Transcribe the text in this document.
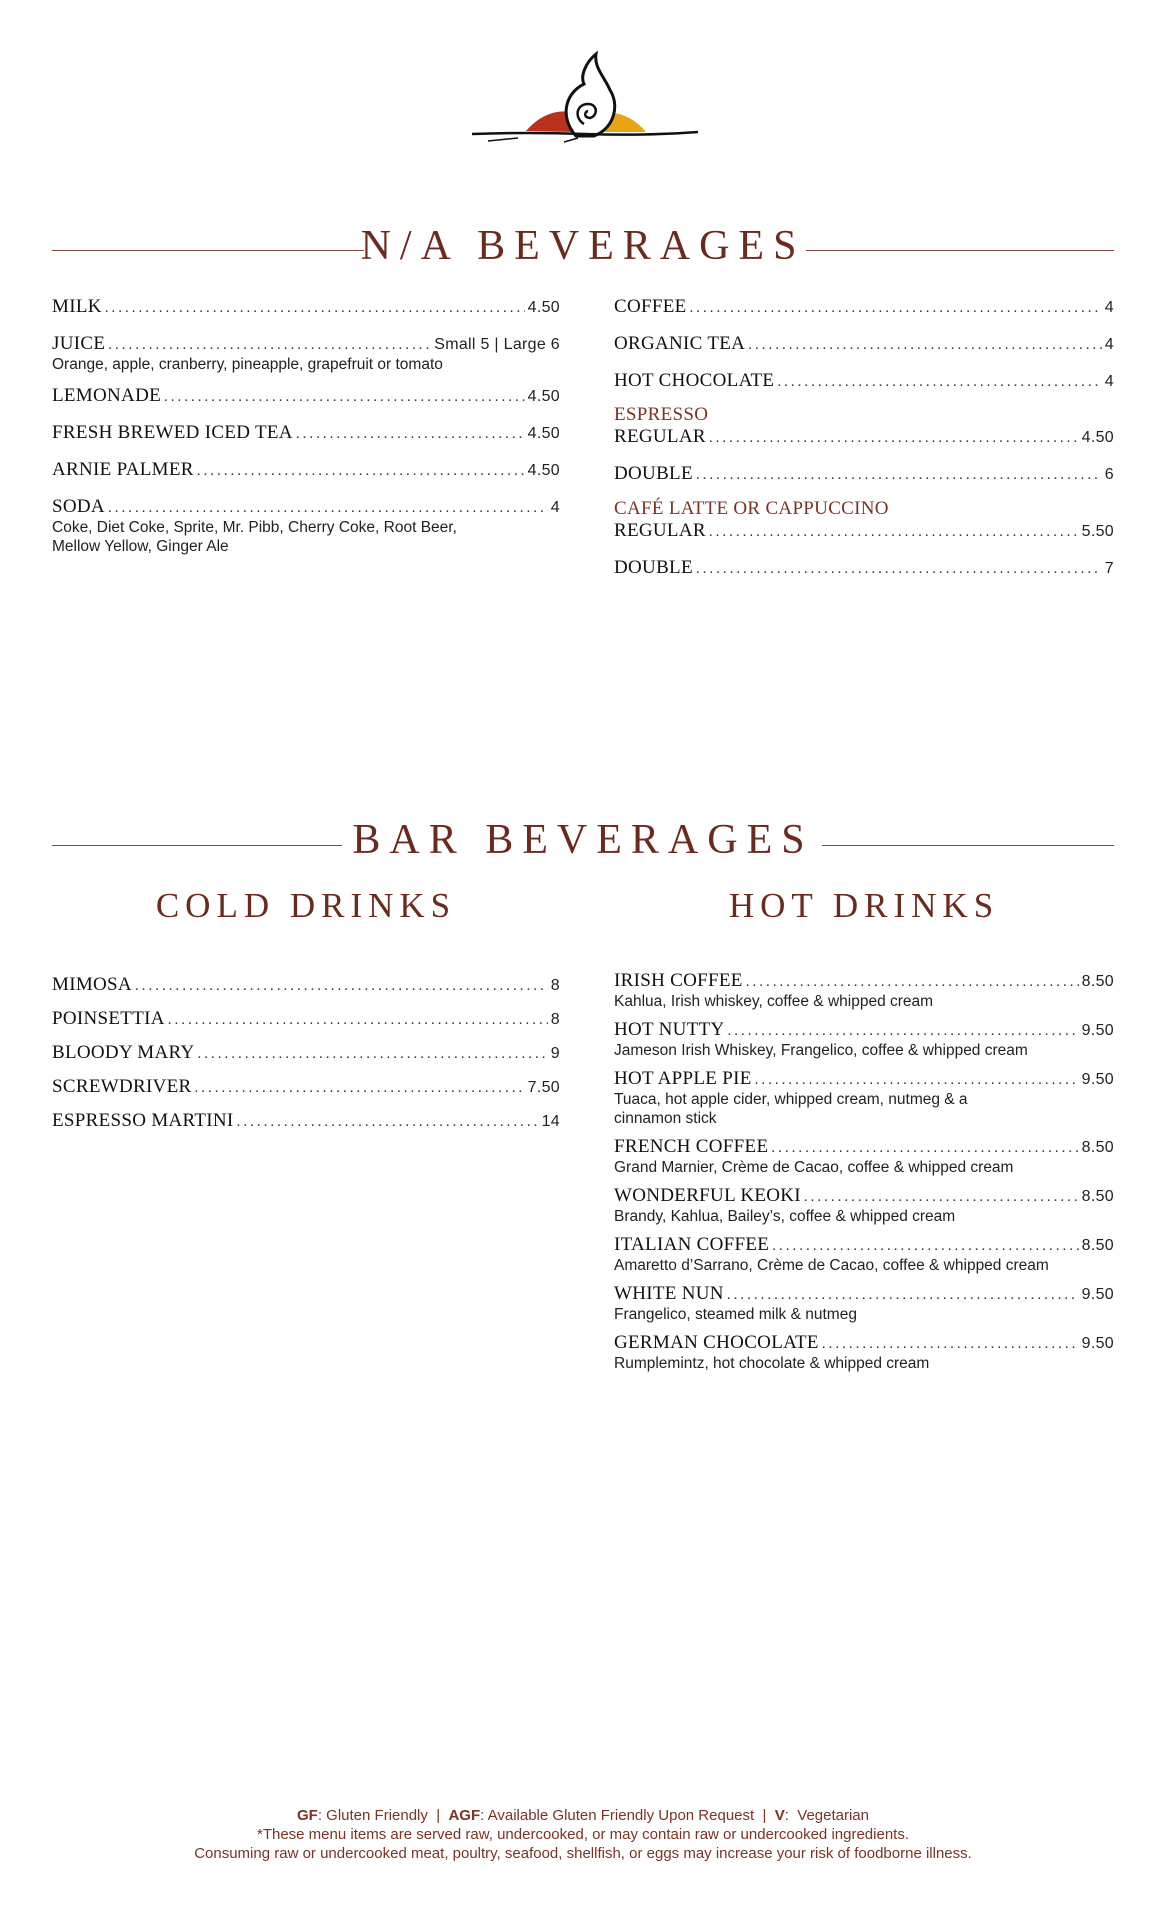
N/A BEVERAGES
MILK .....	4.50
JUICE .....	Small 5 | Large 6
Orange, apple, cranberry, pineapple, grapefruit or tomato
LEMONADE .....	4.50
FRESH BREWED ICED TEA .....	4.50
ARNIE PALMER .....	4.50
SODA .....	4
Coke, Diet Coke, Sprite, Mr. Pibb, Cherry Coke, Root Beer, Mellow Yellow, Ginger Ale
COFFEE .....	4
ORGANIC TEA .....	4
HOT CHOCOLATE .....	4
ESPRESSO
REGULAR .....	4.50
DOUBLE .....	6
CAFÉ LATTE OR CAPPUCCINO
REGULAR .....	5.50
DOUBLE .....	7
BAR BEVERAGES
COLD DRINKS	HOT DRINKS
MIMOSA .....	8
POINSETTIA .....	8
BLOODY MARY .....	9
SCREWDRIVER .....	7.50
ESPRESSO MARTINI .....	14
IRISH COFFEE .....	8.50
Kahlua, Irish whiskey, coffee & whipped cream
HOT NUTTY .....	9.50
Jameson Irish Whiskey, Frangelico, coffee & whipped cream
HOT APPLE PIE .....	9.50
Tuaca, hot apple cider, whipped cream, nutmeg & a cinnamon stick
FRENCH COFFEE .....	8.50
Grand Marnier, Crème de Cacao, coffee & whipped cream
WONDERFUL KEOKI .....	8.50
Brandy, Kahlua, Bailey’s, coffee & whipped cream
ITALIAN COFFEE .....	8.50
Amaretto d’Sarrano, Crème de Cacao, coffee & whipped cream
WHITE NUN .....	9.50
Frangelico, steamed milk & nutmeg
GERMAN CHOCOLATE .....	9.50
Rumplemintz, hot chocolate & whipped cream
GF: Gluten Friendly  |  AGF: Available Gluten Friendly Upon Request  |  V:  Vegetarian
*These menu items are served raw, undercooked, or may contain raw or undercooked ingredients.
Consuming raw or undercooked meat, poultry, seafood, shellfish, or eggs may increase your risk of foodborne illness.
